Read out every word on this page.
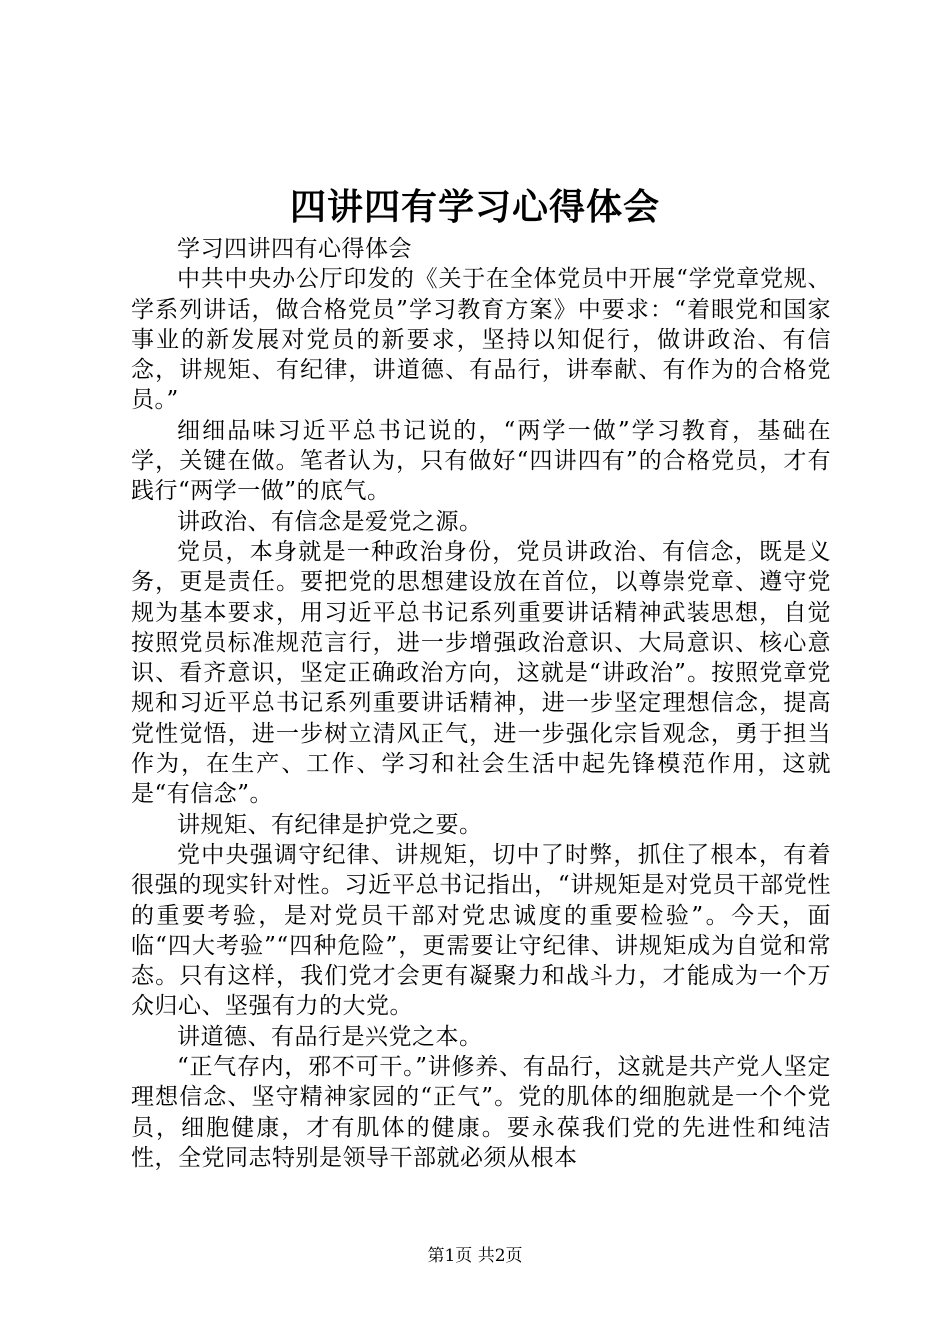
四讲四有学习心得体会

学习四讲四有心得体会

中共中央办公厅印发的《关于在全体党员中开展“学党章党规、学系列讲话，做合格党员”学习教育方案》中要求：“着眼党和国家事业的新发展对党员的新要求，坚持以知促行，做讲政治、有信念，讲规矩、有纪律，讲道德、有品行，讲奉献、有作为的合格党员。”

细细品味习近平总书记说的，“两学一做”学习教育，基础在学，关键在做。笔者认为，只有做好“四讲四有”的合格党员，才有践行“两学一做”的底气。

讲政治、有信念是爱党之源。

党员，本身就是一种政治身份，党员讲政治、有信念，既是义务，更是责任。要把党的思想建设放在首位，以尊崇党章、遵守党规为基本要求，用习近平总书记系列重要讲话精神武装思想，自觉按照党员标准规范言行，进一步增强政治意识、大局意识、核心意识、看齐意识，坚定正确政治方向，这就是“讲政治”。按照党章党规和习近平总书记系列重要讲话精神，进一步坚定理想信念，提高党性觉悟，进一步树立清风正气，进一步强化宗旨观念，勇于担当作为，在生产、工作、学习和社会生活中起先锋模范作用，这就是“有信念”。

讲规矩、有纪律是护党之要。

党中央强调守纪律、讲规矩，切中了时弊，抓住了根本，有着很强的现实针对性。习近平总书记指出，“讲规矩是对党员干部党性的重要考验，是对党员干部对党忠诚度的重要检验”。今天，面临“四大考验”“四种危险”，更需要让守纪律、讲规矩成为自觉和常态。只有这样，我们党才会更有凝聚力和战斗力，才能成为一个万众归心、坚强有力的大党。

讲道德、有品行是兴党之本。

“正气存内，邪不可干。”讲修养、有品行，这就是共产党人坚定理想信念、坚守精神家园的“正气”。党的肌体的细胞就是一个个党员，细胞健康，才有肌体的健康。要永葆我们党的先进性和纯洁性，全党同志特别是领导干部就必须从根本

第1页 共2页
